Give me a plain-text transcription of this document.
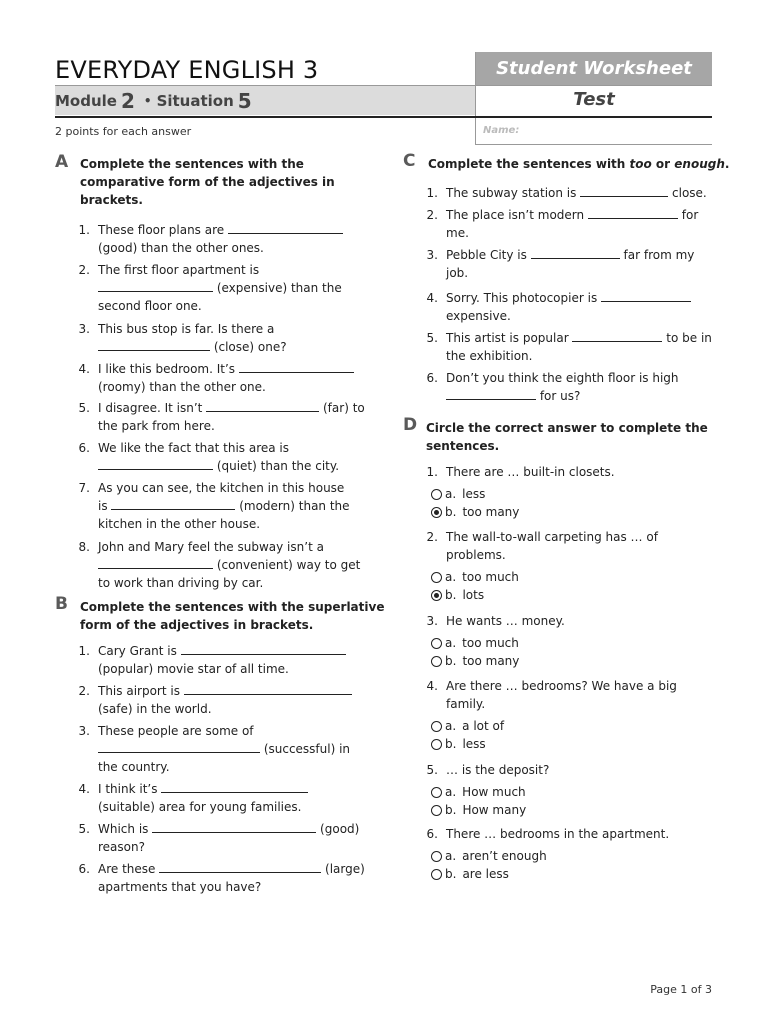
EVERYDAY ENGLISH 3	Student Worksheet
Module 2 • Situation 5	Test
2 points for each answer	Name:
A Complete the sentences with the
comparative form of the adjectives in
brackets.
1. These floor plans are
(good) than the other ones.
2. The first floor apartment is
(expensive) than the
second floor one.
3. This bus stop is far. Is there a
(close) one?
4. I like this bedroom. It’s
(roomy) than the other one.
5. I disagree. It isn’t	(far) to
the park from here.
6. We like the fact that this area is
(quiet) than the city.
7. As you can see, the kitchen in this house
is	(modern) than the
kitchen in the other house.
8. John and Mary feel the subway isn’t a
(convenient) way to get
to work than driving by car.
B Complete the sentences with the superlative
form of the adjectives in brackets.
1. Cary Grant is
(popular) movie star of all time.
2. This airport is
(safe) in the world.
3. These people are some of
(successful) in
the country.
4. I think it’s
(suitable) area for young families.
5. Which is	(good)
reason?
6. Are these	(large)
apartments that you have?
C Complete the sentences with too or enough.
1. The subway station is	close.
2. The place isn’t modern	for
me.
3. Pebble City is	far from my
job.
4. Sorry. This photocopier is
expensive.
5. This artist is popular	to be in
the exhibition.
6. Don’t you think the eighth floor is high
for us?
D Circle the correct answer to complete the
sentences.
1. There are … built-in closets.
a. less
b. too many
2. The wall-to-wall carpeting has … of
problems.
a. too much
b. lots
3. He wants … money.
a. too much
b. too many
4. Are there … bedrooms? We have a big
family.
a. a lot of
b. less
5. … is the deposit?
a. How much
b. How many
6. There … bedrooms in the apartment.
a. aren’t enough
b. are less
Page 1 of 3
